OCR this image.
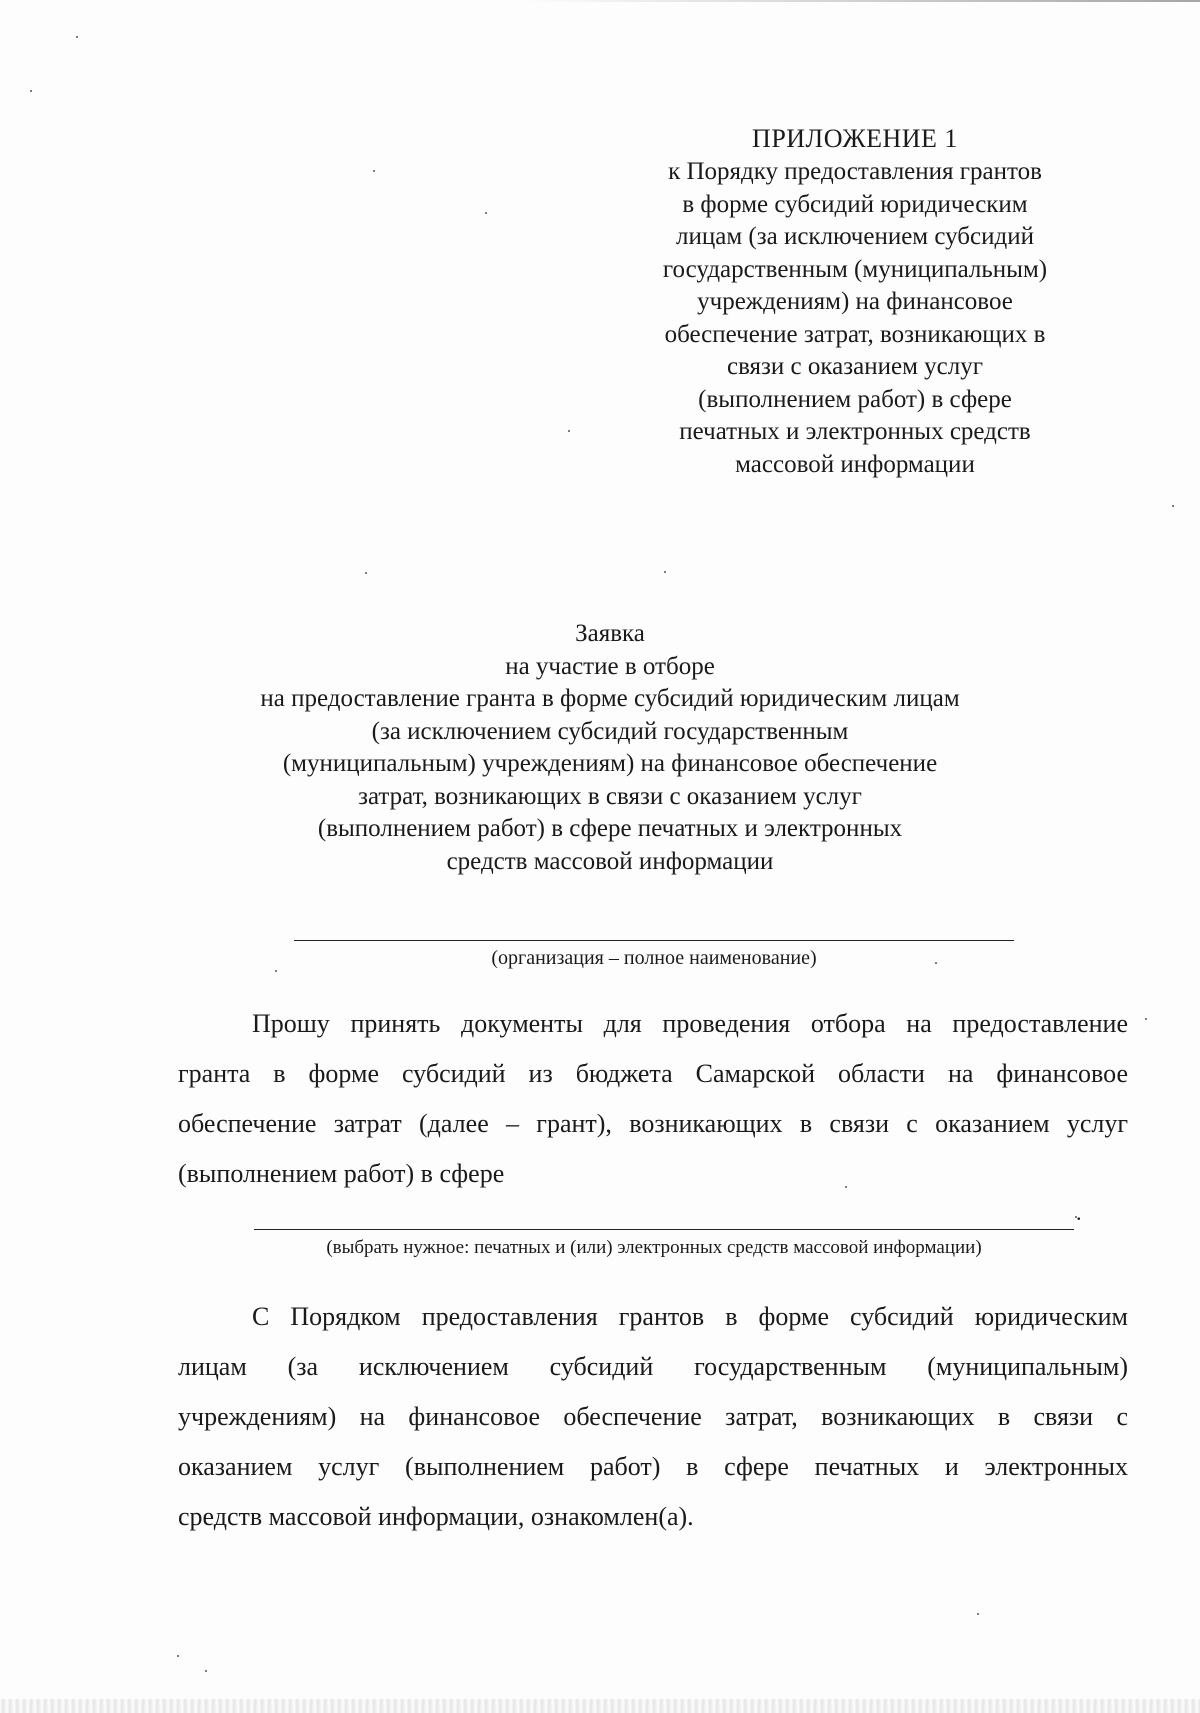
ПРИЛОЖЕНИЕ 1
к Порядку предоставления грантов
в форме субсидий юридическим
лицам (за исключением субсидий
государственным (муниципальным)
учреждениям) на финансовое
обеспечение затрат, возникающих в
связи с оказанием услуг
(выполнением работ) в сфере
печатных и электронных средств
массовой информации
Заявка
на участие в отборе
на предоставление гранта в форме субсидий юридическим лицам
(за исключением субсидий государственным
(муниципальным) учреждениям) на финансовое обеспечение
затрат, возникающих в связи с оказанием услуг
(выполнением работ) в сфере печатных и электронных
средств массовой информации
(организация – полное наименование)
Прошу принять документы для проведения отбора на предоставление
гранта в форме субсидий из бюджета Самарской области на финансовое
обеспечение затрат (далее – грант), возникающих в связи с оказанием услуг
(выполнением работ) в сфере
.
(выбрать нужное: печатных и (или) электронных средств массовой информации)
С Порядком предоставления грантов в форме субсидий юридическим
лицам (за исключением субсидий государственным (муниципальным)
учреждениям) на финансовое обеспечение затрат, возникающих в связи с
оказанием услуг (выполнением работ) в сфере печатных и электронных
средств массовой информации, ознакомлен(а).
